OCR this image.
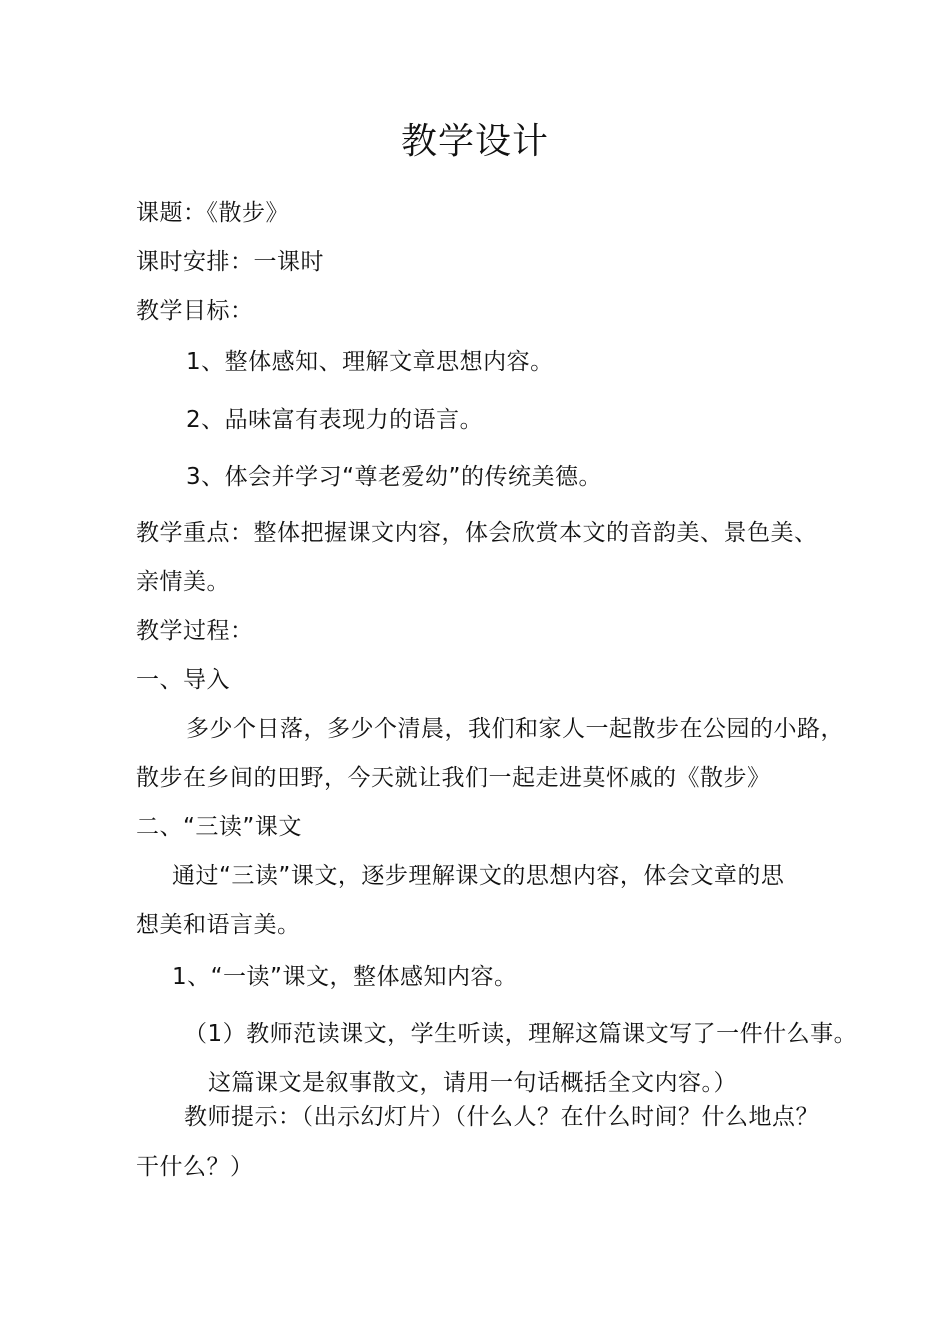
教学设计
课题：《散步》
课时安排：一课时
教学目标：
1、整体感知、理解文章思想内容。
2、品味富有表现力的语言。
3、体会并学习“尊老爱幼”的传统美德。
教学重点：整体把握课文内容，体会欣赏本文的音韵美、景色美、
亲情美。
教学过程：
一、导入
多少个日落，多少个清晨，我们和家人一起散步在公园的小路，
散步在乡间的田野，今天就让我们一起走进莫怀戚的《散步》
二、“三读”课文
通过“三读”课文，逐步理解课文的思想内容，体会文章的思
想美和语言美。
1、“一读”课文，整体感知内容。
（1）教师范读课文，学生听读，理解这篇课文写了一件什么事。
这篇课文是叙事散文，请用一句话概括全文内容。）
教师提示：（出示幻灯片）（什么人？在什么时间？什么地点？
干什么？）
